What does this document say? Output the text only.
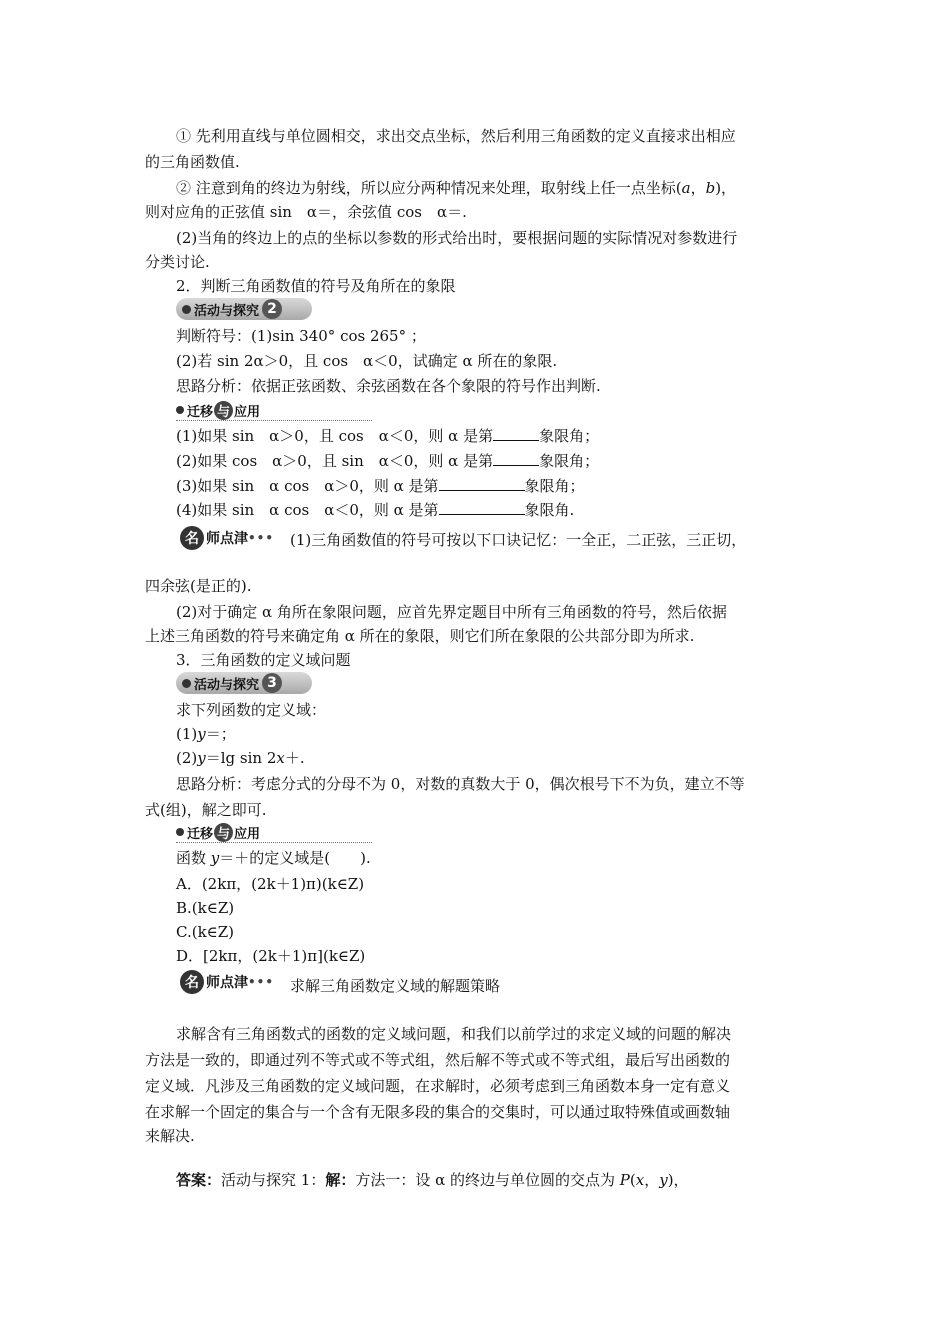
① 先利用直线与单位圆相交，求出交点坐标，然后利用三角函数的定义直接求出相应
的三角函数值.
② 注意到角的终边为射线，所以应分两种情况来处理，取射线上任一点坐标(a，b)，
则对应角的正弦值 sin　α＝，余弦值 cos　α＝.
(2)当角的终边上的点的坐标以参数的形式给出时，要根据问题的实际情况对参数进行
分类讨论.
2．判断三角函数值的符号及角所在的象限
活动与探究 2
判断符号：(1)sin 340° cos 265° ；
(2)若 sin 2α＞0，且 cos　α＜0，试确定 α 所在的象限.
思路分析：依据正弦函数、余弦函数在各个象限的符号作出判断.
迁移 与 应用
(1)如果 sin　α＞0，且 cos　α＜0，则 α 是第	象限角；
(2)如果 cos　α＞0，且 sin　α＜0，则 α 是第	象限角；
(3)如果 sin　α cos　α＞0，则 α 是第	象限角；
(4)如果 sin　α cos　α＜0，则 α 是第	象限角.
名 师点津 ••• (1)三角函数值的符号可按以下口诀记忆：一全正，二正弦，三正切，
四余弦(是正的).
(2)对于确定 α 角所在象限问题，应首先界定题目中所有三角函数的符号，然后依据
上述三角函数的符号来确定角 α 所在的象限，则它们所在象限的公共部分即为所求.
3．三角函数的定义域问题
活动与探究 3
求下列函数的定义域：
(1)y＝；
(2)y＝lg sin 2x＋.
思路分析：考虑分式的分母不为 0，对数的真数大于 0，偶次根号下不为负，建立不等
式(组)，解之即可.
迁移 与 应用
函数 y＝＋的定义域是(　　).
A．(2kπ，(2k＋1)π)(k∈Z)
B.(k∈Z)
C.(k∈Z)
D．[2kπ，(2k＋1)π](k∈Z)
名 师点津 ••• 求解三角函数定义域的解题策略
求解含有三角函数式的函数的定义域问题，和我们以前学过的求定义域的问题的解决
方法是一致的，即通过列不等式或不等式组，然后解不等式或不等式组，最后写出函数的
定义域．凡涉及三角函数的定义域问题，在求解时，必须考虑到三角函数本身一定有意义
在求解一个固定的集合与一个含有无限多段的集合的交集时，可以通过取特殊值或画数轴
来解决.
答案：活动与探究 1：解：方法一：设 α 的终边与单位圆的交点为 P(x，y)，
